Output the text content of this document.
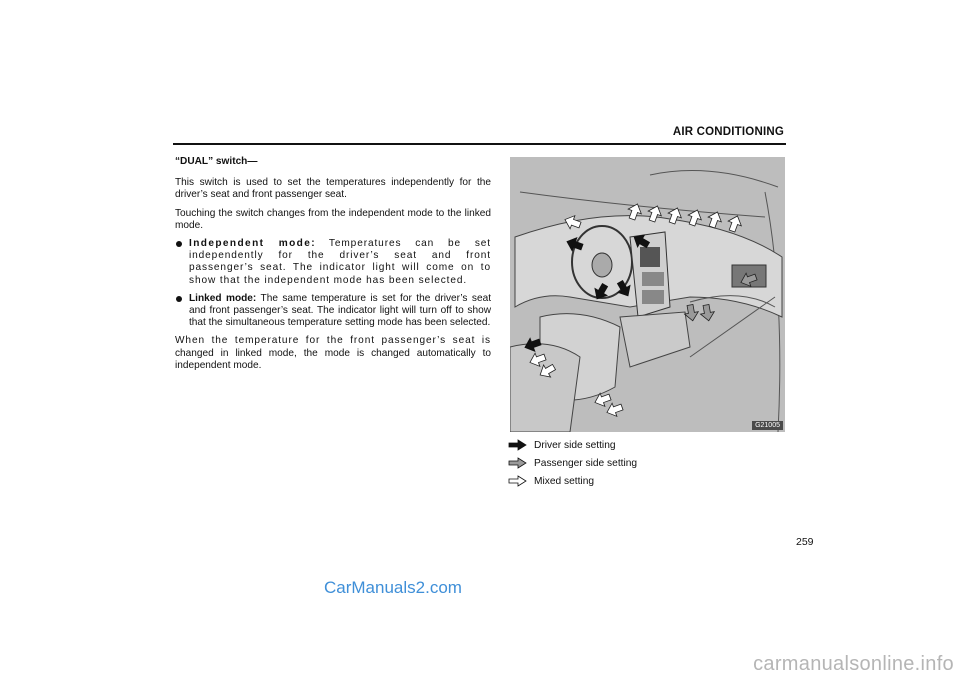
AIR CONDITIONING

“DUAL” switch—

This switch is used to set the temperatures independently for the driver’s seat and front passenger seat.

Touching the switch changes from the independent mode to the linked mode.

Independent mode: Temperatures can be set independently for the driver’s seat and front passenger’s seat. The indicator light will come on to show that the independent mode has been selected.
Linked mode: The same temperature is set for the driver’s seat and front passenger’s seat. The indicator light will turn off to show that the simultaneous temperature setting mode has been selected.

When the temperature for the front passenger’s seat is changed in linked mode, the mode is changed automatically to independent mode.

G21005
Driver side setting
Passenger side setting
Mixed setting
259
CarManuals2.com
carmanualsonline.info
